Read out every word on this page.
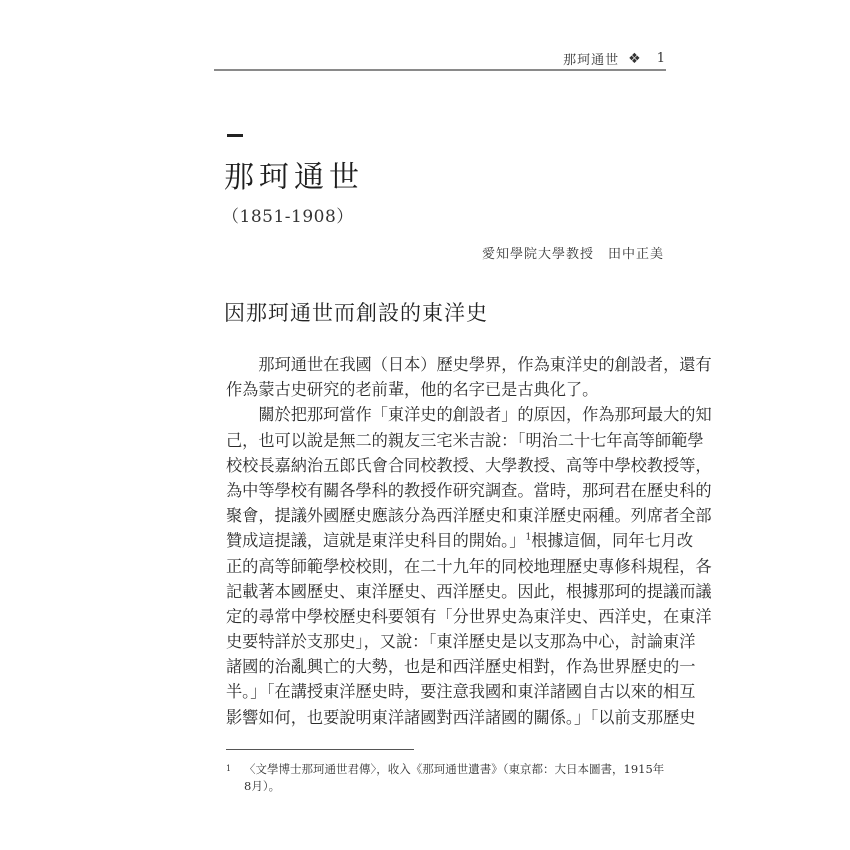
那珂通世 ❖ 1
那珂通世
（1851-1908）
愛知學院大學教授 田中正美
因那珂通世而創設的東洋史
那珂通世在我國（日本）歷史學界，作為東洋史的創設者，還有
作為蒙古史研究的老前輩，他的名字已是古典化了。
關於把那珂當作「東洋史的創設者」的原因，作為那珂最大的知
己，也可以說是無二的親友三宅米吉說：「明治二十七年高等師範學
校校長嘉納治五郎氏會合同校教授、大學教授、高等中學校教授等，
為中等學校有關各學科的教授作研究調查。當時，那珂君在歷史科的
聚會，提議外國歷史應該分為西洋歷史和東洋歷史兩種。列席者全部
贊成這提議，這就是東洋史科目的開始。」$^1$根據這個，同年七月改
正的高等師範學校校則，在二十九年的同校地理歷史專修科規程，各
記載著本國歷史、東洋歷史、西洋歷史。因此，根據那珂的提議而議
定的尋常中學校歷史科要領有「分世界史為東洋史、西洋史，在東洋
史要特詳於支那史」，又說：「東洋歷史是以支那為中心，討論東洋
諸國的治亂興亡的大勢，也是和西洋歷史相對，作為世界歷史的一
半。」「在講授東洋歷史時，要注意我國和東洋諸國自古以來的相互
影響如何，也要說明東洋諸國對西洋諸國的關係。」「以前支那歷史
1	〈文學博士那珂通世君傳〉，收入《那珂通世遺書》（東京都：大日本圖書，1915年8月）。
